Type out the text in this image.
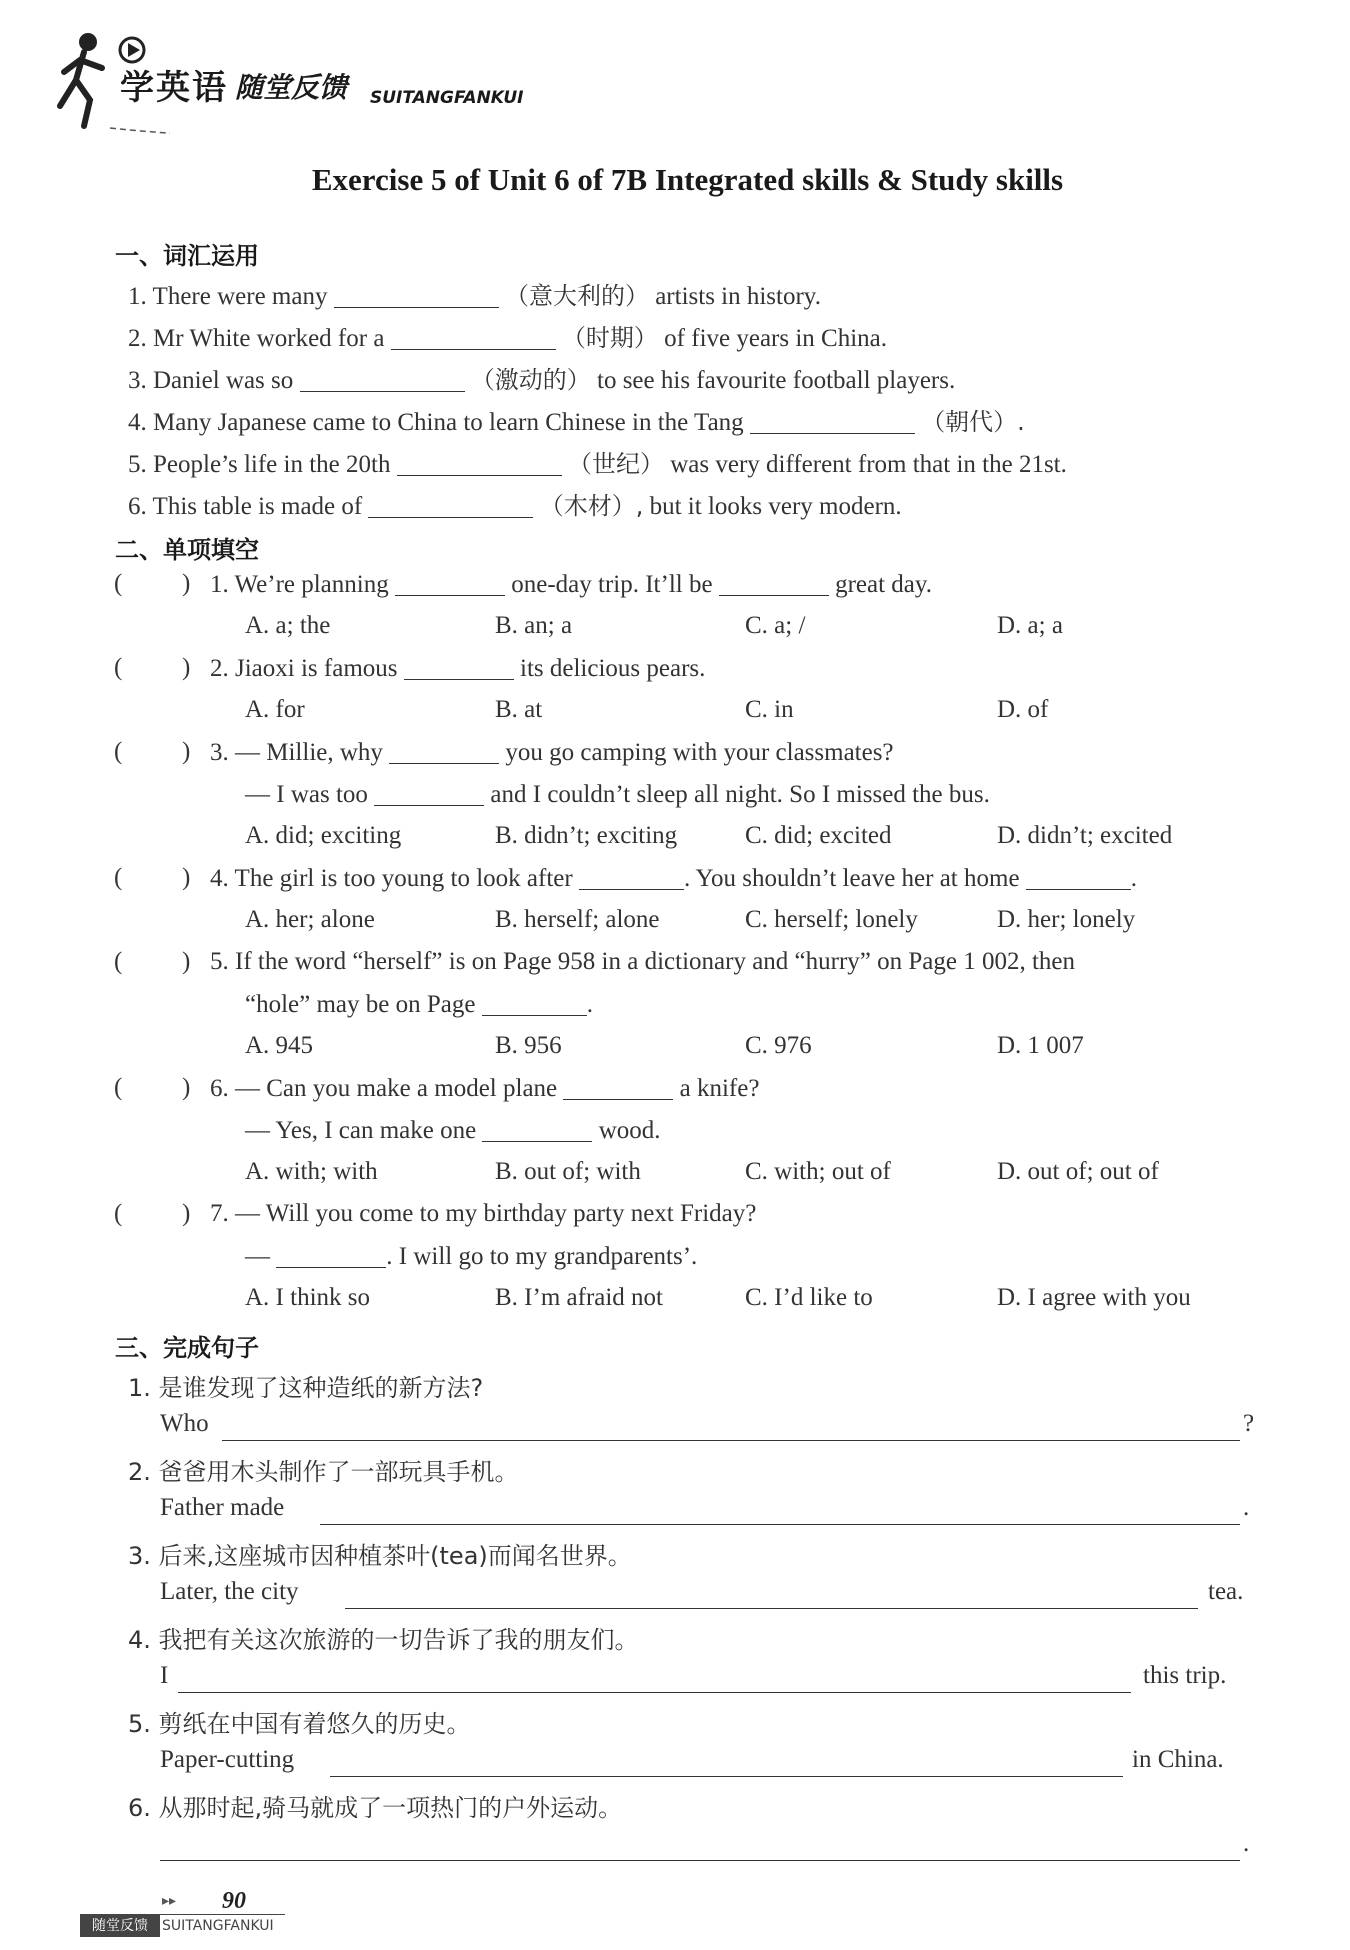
学英语 随堂反馈 SUITANGFANKUI
Exercise 5 of Unit 6 of 7B Integrated skills & Study skills
一、词汇运用
1. There were many	（意大利的） artists in history.
2. Mr White worked for a	（时期） of five years in China.
3. Daniel was so	（激动的） to see his favourite football players.
4. Many Japanese came to China to learn Chinese in the Tang	（朝代）.
5. People’s life in the 20th	（世纪） was very different from that in the 21st.
6. This table is made of	（木材）, but it looks very modern.
二、单项填空
( ) 1. We’re planning	one-day trip. It’ll be	great day.
A. a; the	B. an; a	C. a; /	D. a; a
( ) 2. Jiaoxi is famous	its delicious pears.
A. for	B. at	C. in	D. of
( ) 3. — Millie, why	you go camping with your classmates?
— I was too	and I couldn’t sleep all night. So I missed the bus.
A. did; exciting	B. didn’t; exciting	C. did; excited	D. didn’t; excited
( ) 4. The girl is too young to look after	. You shouldn’t leave her at home	.
A. her; alone	B. herself; alone	C. herself; lonely	D. her; lonely
( ) 5. If the word “herself” is on Page 958 in a dictionary and “hurry” on Page 1 002, then
“hole” may be on Page	.
A. 945	B. 956	C. 976	D. 1 007
( ) 6. — Can you make a model plane	a knife?
— Yes, I can make one	wood.
A. with; with	B. out of; with	C. with; out of	D. out of; out of
( ) 7. — Will you come to my birthday party next Friday?
—	. I will go to my grandparents’.
A. I think so	B. I’m afraid not	C. I’d like to	D. I agree with you
三、完成句子
1. 是谁发现了这种造纸的新方法?
Who	?
2. 爸爸用木头制作了一部玩具手机。
Father made	.
3. 后来,这座城市因种植茶叶(tea)而闻名世界。
Later, the city	tea.
4. 我把有关这次旅游的一切告诉了我的朋友们。
I	this trip.
5. 剪纸在中国有着悠久的历史。
Paper-cutting	in China.
6. 从那时起,骑马就成了一项热门的户外运动。
.
▸▸ 90
随堂反馈	SUITANGFANKUI
